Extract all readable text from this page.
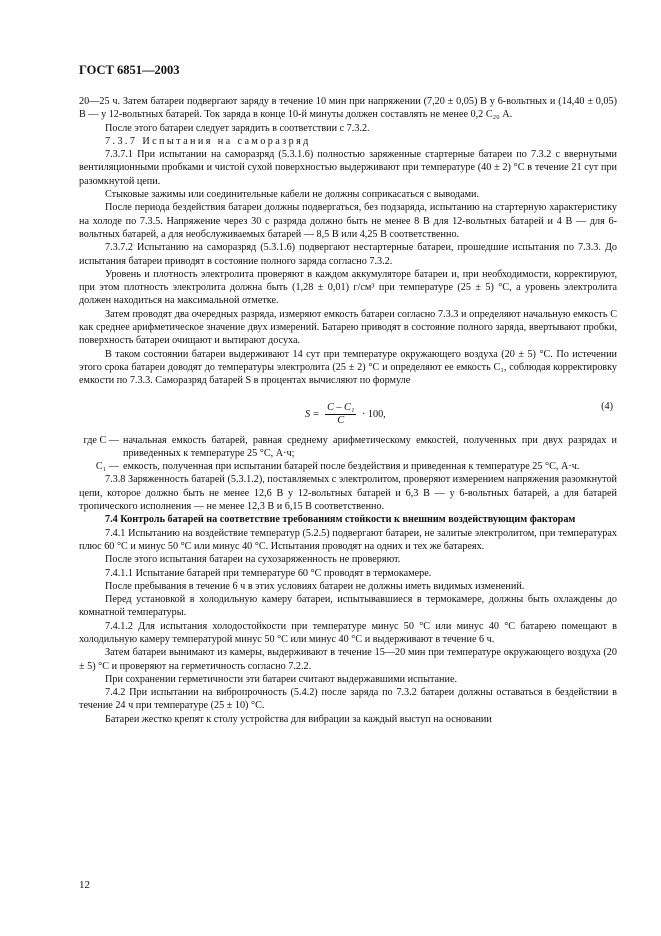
ГОСТ 6851—2003

20—25 ч. Затем батареи подвергают заряду в течение 10 мин при напряжении (7,20 ± 0,05) В у 6-вольтных и (14,40 ± 0,05) В — у 12-вольтных батарей. Ток заряда в конце 10-й минуты должен составлять не менее 0,2 C₂₀ А.

После этого батареи следует зарядить в соответствии с 7.3.2.

7.3.7 Испытания на саморазряд

7.3.7.1 При испытании на саморазряд (5.3.1.6) полностью заряженные стартерные батареи по 7.3.2 с ввернутыми вентиляционными пробками и чистой сухой поверхностью выдерживают при температуре (40 ± 2) °С в течение 21 сут при разомкнутой цепи.

Стыковые зажимы или соединительные кабели не должны соприкасаться с выводами.

После периода бездействия батареи должны подвергаться, без подзаряда, испытанию на стартерную характеристику на холоде по 7.3.5. Напряжение через 30 с разряда должно быть не менее 8 В для 12-вольтных батарей и 4 В — для 6-вольтных батарей, а для необслуживаемых батарей — 8,5 В или 4,25 В соответственно.

7.3.7.2 Испытанию на саморазряд (5.3.1.6) подвергают нестартерные батареи, прошедшие испытания по 7.3.3. До испытания батареи приводят в состояние полного заряда согласно 7.3.2.

Уровень и плотность электролита проверяют в каждом аккумуляторе батареи и, при необходимости, корректируют, при этом плотность электролита должна быть (1,28 ± 0,01) г/см³ при температуре (25 ± 5) °С, а уровень электролита должен находиться на максимальной отметке.

Затем проводят два очередных разряда, измеряют емкость батареи согласно 7.3.3 и определяют начальную емкость C как среднее арифметическое значение двух измерений. Батарею приводят в состояние полного заряда, ввертывают пробки, поверхность батареи очищают и вытирают досуха.

В таком состоянии батареи выдерживают 14 сут при температуре окружающего воздуха (20 ± 5) °С. По истечении этого срока батареи доводят до температуры электролита (25 ± 2) °С и определяют ее емкость C₁, соблюдая корректировку емкости по 7.3.3. Саморазряд батарей S в процентах вычисляют по формуле

$S = \frac{\text{C – C₁}}{C} \cdot 100$,
(4)

где C — начальная емкость батарей, равная среднему арифметическому емкостей, полученных при двух разрядах и приведенных к температуре 25 °С, А·ч;

C₁ — емкость, полученная при испытании батарей после бездействия и приведенная к температуре 25 °С, А·ч.

7.3.8 Заряженность батарей (5.3.1.2), поставляемых с электролитом, проверяют измерением напряжения разомкнутой цепи, которое должно быть не менее 12,6 В у 12-вольтных батарей и 6,3 В — у 6-вольтных батарей, а для батарей тропического исполнения — не менее 12,3 В и 6,15 В соответственно.

7.4 Контроль батарей на соответствие требованиям стойкости к внешним воздействующим факторам

7.4.1 Испытанию на воздействие температур (5.2.5) подвергают батареи, не залитые электролитом, при температурах плюс 60 °С и минус 50 °С или минус 40 °С. Испытания проводят на одних и тех же батареях.

После этого испытания батареи на сухозаряженность не проверяют.

7.4.1.1 Испытание батарей при температуре 60 °С проводят в термокамере.

После пребывания в течение 6 ч в этих условиях батареи не должны иметь видимых изменений.

Перед установкой в холодильную камеру батареи, испытывавшиеся в термокамере, должны быть охлаждены до комнатной температуры.

7.4.1.2 Для испытания холодостойкости при температуре минус 50 °С или минус 40 °С батарею помещают в холодильную камеру температурой минус 50 °С или минус 40 °С и выдерживают в течение 6 ч.

Затем батареи вынимают из камеры, выдерживают в течение 15—20 мин при температуре окружающего воздуха (20 ± 5) °С и проверяют на герметичность согласно 7.2.2.

При сохранении герметичности эти батареи считают выдержавшими испытание.

7.4.2 При испытании на вибропрочность (5.4.2) после заряда по 7.3.2 батареи должны оставаться в бездействии в течение 24 ч при температуре (25 ± 10) °С.

Батареи жестко крепят к столу устройства для вибрации за каждый выступ на основании

12
